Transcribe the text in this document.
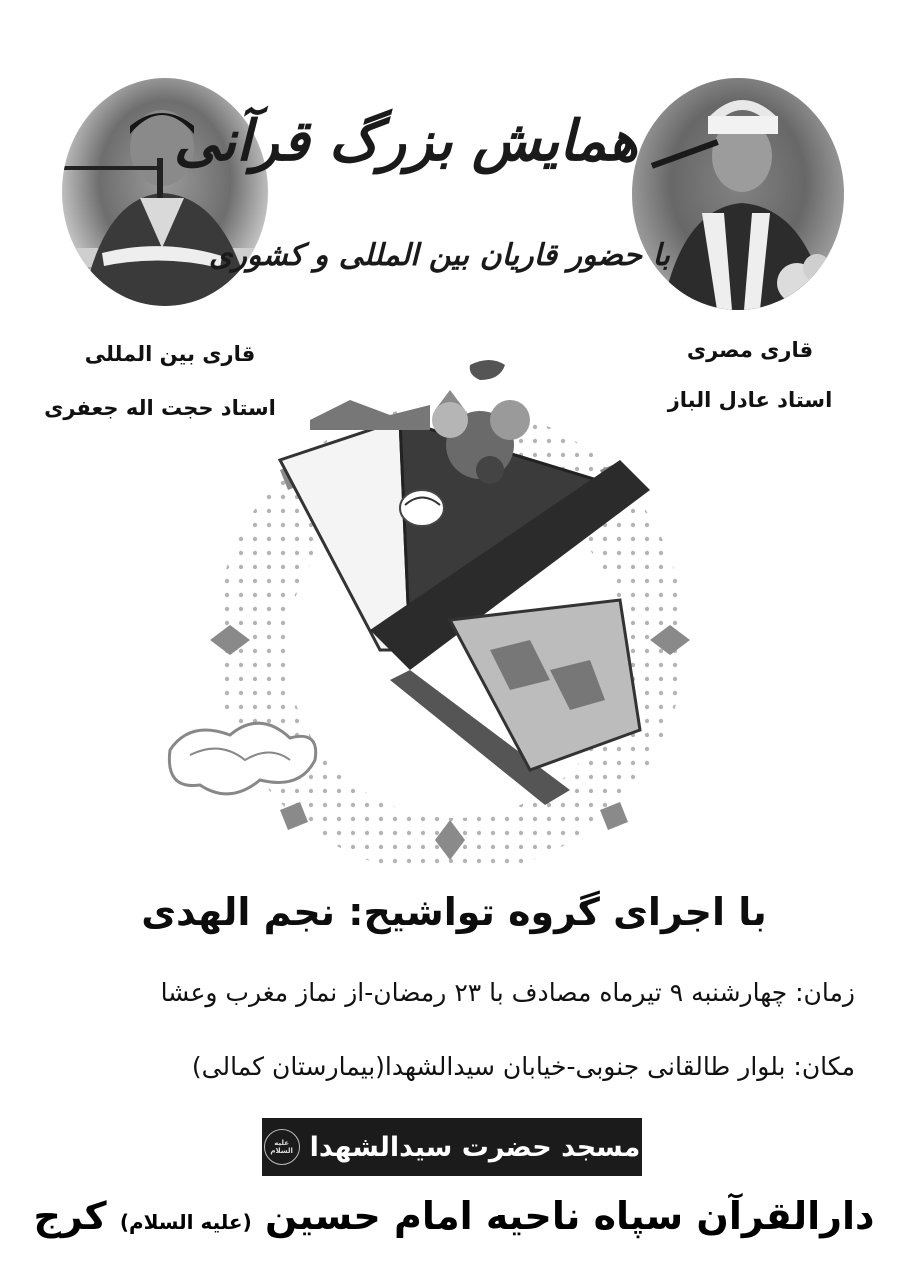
همایش بزرگ قرآنی
با حضور قاریان بین المللی و کشوری
قاری بین المللی
استاد حجت اله جعفری
قاری مصری
استاد عادل الباز
با اجرای گروه تواشیح: نجم الهدی
زمان: چهارشنبه ۹ تیرماه مصادف با ۲۳ رمضان-از نماز مغرب وعشا
مکان: بلوار طالقانی جنوبی-خیابان سیدالشهدا(بیمارستان کمالی)
مسجد حضرت سیدالشهدا
علیه السلام
دارالقرآن سپاه ناحیه امام حسین (علیه السلام) کرج
